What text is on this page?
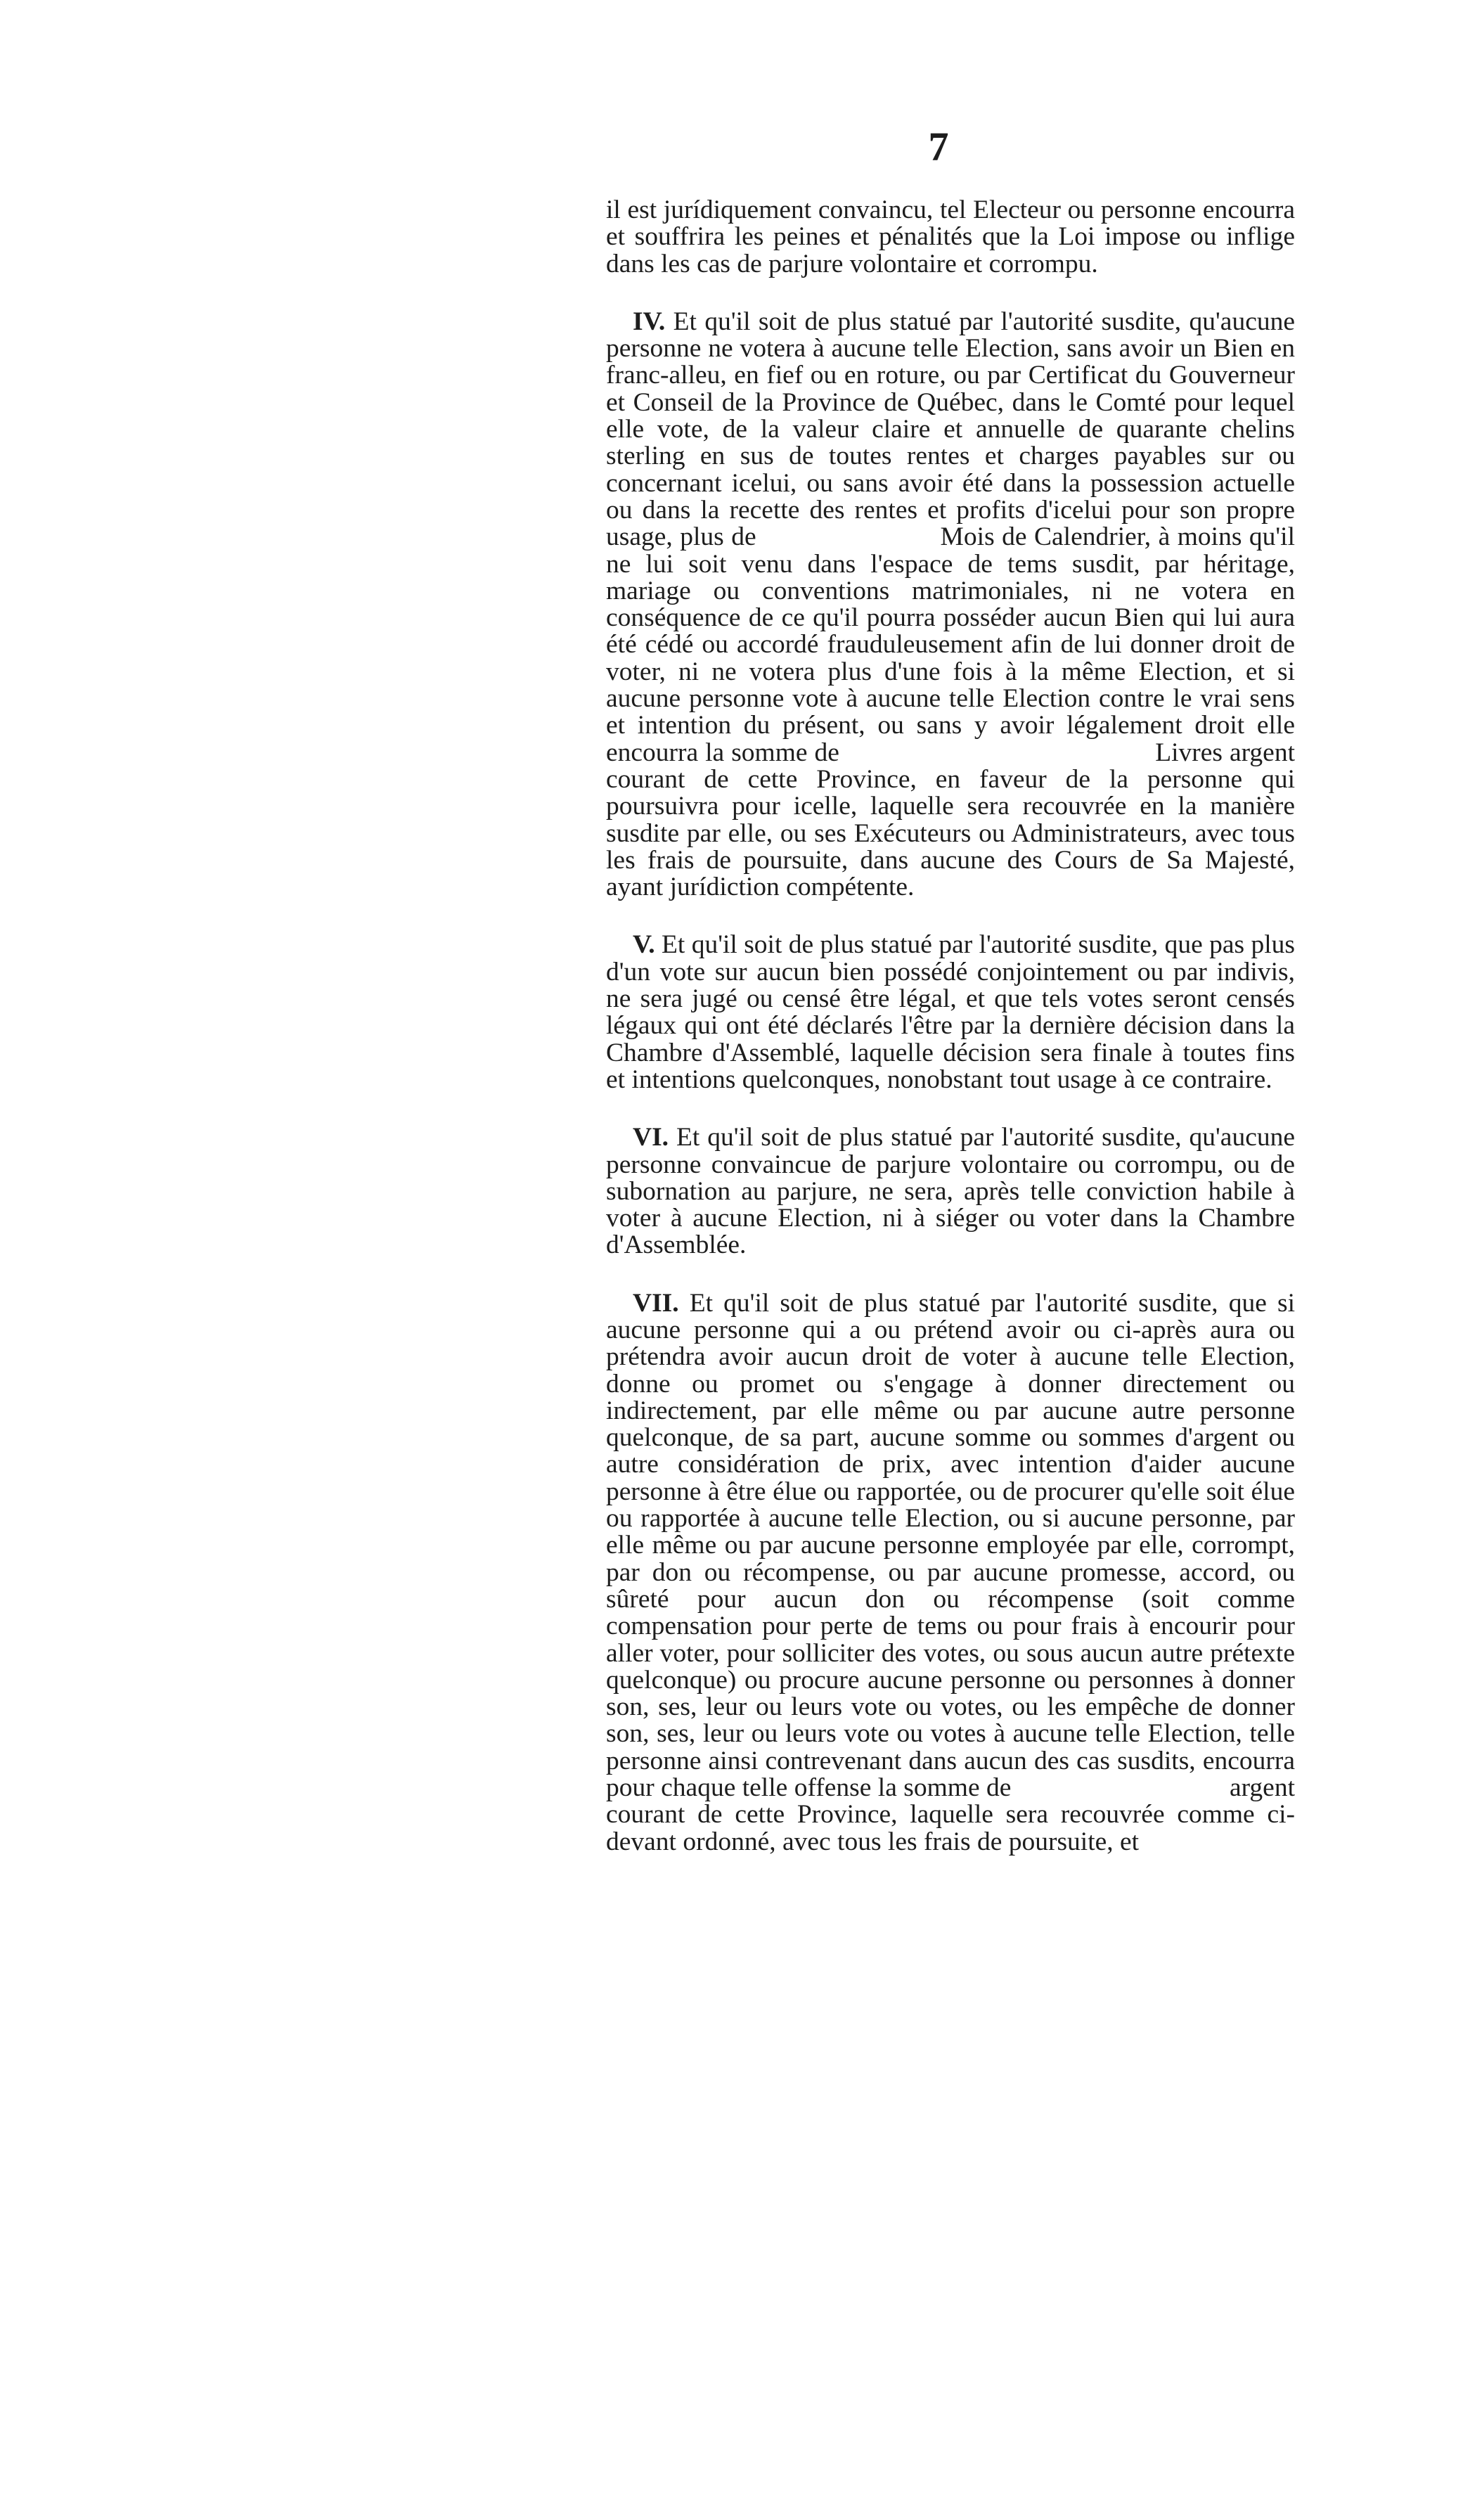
7

il est jurídiquement convaincu, tel Electeur ou personne encourra et souffrira les peines et pénalités que la Loi impose ou inflige dans les cas de parjure volontaire et corrompu.

IV. Et qu'il soit de plus statué par l'autorité susdite, qu'aucune personne ne votera à aucune telle Election, sans avoir un Bien en franc-alleu, en fief ou en roture, ou par Certificat du Gouverneur et Conseil de la Province de Québec, dans le Comté pour lequel elle vote, de la valeur claire et annuelle de quarante chelins sterling en sus de toutes rentes et charges payables sur ou concernant icelui, ou sans avoir été dans la possession actuelle ou dans la recette des rentes et profits d'icelui pour son propre usage, plus de                         Mois de Calendrier, à moins qu'il ne lui soit venu dans l'espace de tems susdit, par héritage, mariage ou conventions matrimoniales, ni ne votera en conséquence de ce qu'il pourra posséder aucun Bien qui lui aura été cédé ou accordé frauduleusement afin de lui donner droit de voter, ni ne votera plus d'une fois à la même Election, et si aucune personne vote à aucune telle Election contre le vrai sens et intention du présent, ou sans y avoir légalement droit elle encourra la somme de                                             Livres argent courant de cette Province, en faveur de la personne qui poursuivra pour icelle, laquelle sera recouvrée en la manière susdite par elle, ou ses Exécuteurs ou Administrateurs, avec tous les frais de poursuite, dans aucune des Cours de Sa Majesté, ayant jurídiction compétente.

V. Et qu'il soit de plus statué par l'autorité susdite, que pas plus d'un vote sur aucun bien possédé conjointement ou par indivis, ne sera jugé ou censé être légal, et que tels votes seront censés légaux qui ont été déclarés l'être par la dernière décision dans la Chambre d'Assemblé, laquelle décision sera finale à toutes fins et intentions quelconques, nonobstant tout usage à ce contraire.

VI. Et qu'il soit de plus statué par l'autorité susdite, qu'aucune personne convaincue de parjure volontaire ou corrompu, ou de subornation au parjure, ne sera, après telle conviction habile à voter à aucune Election, ni à siéger ou voter dans la Chambre d'Assemblée.

VII. Et qu'il soit de plus statué par l'autorité susdite, que si aucune personne qui a ou prétend avoir ou ci-après aura ou prétendra avoir aucun droit de voter à aucune telle Election, donne ou promet ou s'engage à donner directement ou indirectement, par elle même ou par aucune autre personne quelconque, de sa part, aucune somme ou sommes d'argent ou autre considération de prix, avec intention d'aider aucune personne à être élue ou rapportée, ou de procurer qu'elle soit élue ou rapportée à aucune telle Election, ou si aucune personne, par elle même ou par aucune personne employée par elle, corrompt, par don ou récompense, ou par aucune promesse, accord, ou sûreté pour aucun don ou récompense (soit comme compensation pour perte de tems ou pour frais à encourir pour aller voter, pour solliciter des votes, ou sous aucun autre prétexte quelconque) ou procure aucune personne ou personnes à donner son, ses, leur ou leurs vote ou votes, ou les empêche de donner son, ses, leur ou leurs vote ou votes à aucune telle Election, telle personne ainsi contrevenant dans aucun des cas susdits, encourra pour chaque telle offense la somme de                                 argent courant de cette Province, laquelle sera recouvrée comme ci-devant ordonné, avec tous les frais de poursuite, et
